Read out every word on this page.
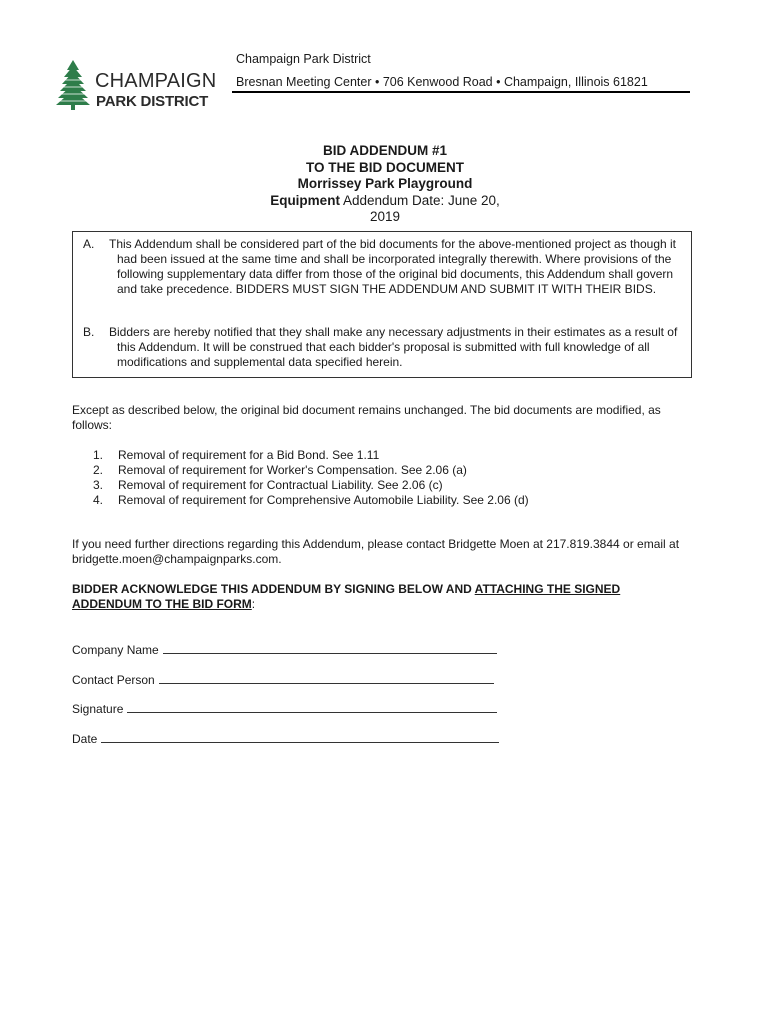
CHAMPAIGN
PARK DISTRICT
Champaign Park District
Bresnan Meeting Center • 706 Kenwood Road • Champaign, Illinois 61821
BID ADDENDUM #1
TO THE BID DOCUMENT
Morrissey Park Playground
Equipment Addendum Date: June 20,
2019
A.	This Addendum shall be considered part of the bid documents for the above-mentioned project as though it had been issued at the same time and shall be incorporated integrally therewith. Where provisions of the following supplementary data differ from those of the original bid documents, this Addendum shall govern and take precedence. BIDDERS MUST SIGN THE ADDENDUM AND SUBMIT IT WITH THEIR BIDS.
B.	Bidders are hereby notified that they shall make any necessary adjustments in their estimates as a result of this Addendum. It will be construed that each bidder's proposal is submitted with full knowledge of all modifications and supplemental data specified herein.
Except as described below, the original bid document remains unchanged. The bid documents are modified, as follows:
1.	Removal of requirement for a Bid Bond. See 1.11
2.	Removal of requirement for Worker's Compensation. See 2.06 (a)
3.	Removal of requirement for Contractual Liability. See 2.06 (c)
4.	Removal of requirement for Comprehensive Automobile Liability. See 2.06 (d)
If you need further directions regarding this Addendum, please contact Bridgette Moen at 217.819.3844 or email at bridgette.moen@champaignparks.com.
BIDDER ACKNOWLEDGE THIS ADDENDUM BY SIGNING BELOW AND ATTACHING THE SIGNED ADDENDUM TO THE BID FORM:
Company Name
Contact Person
Signature
Date
